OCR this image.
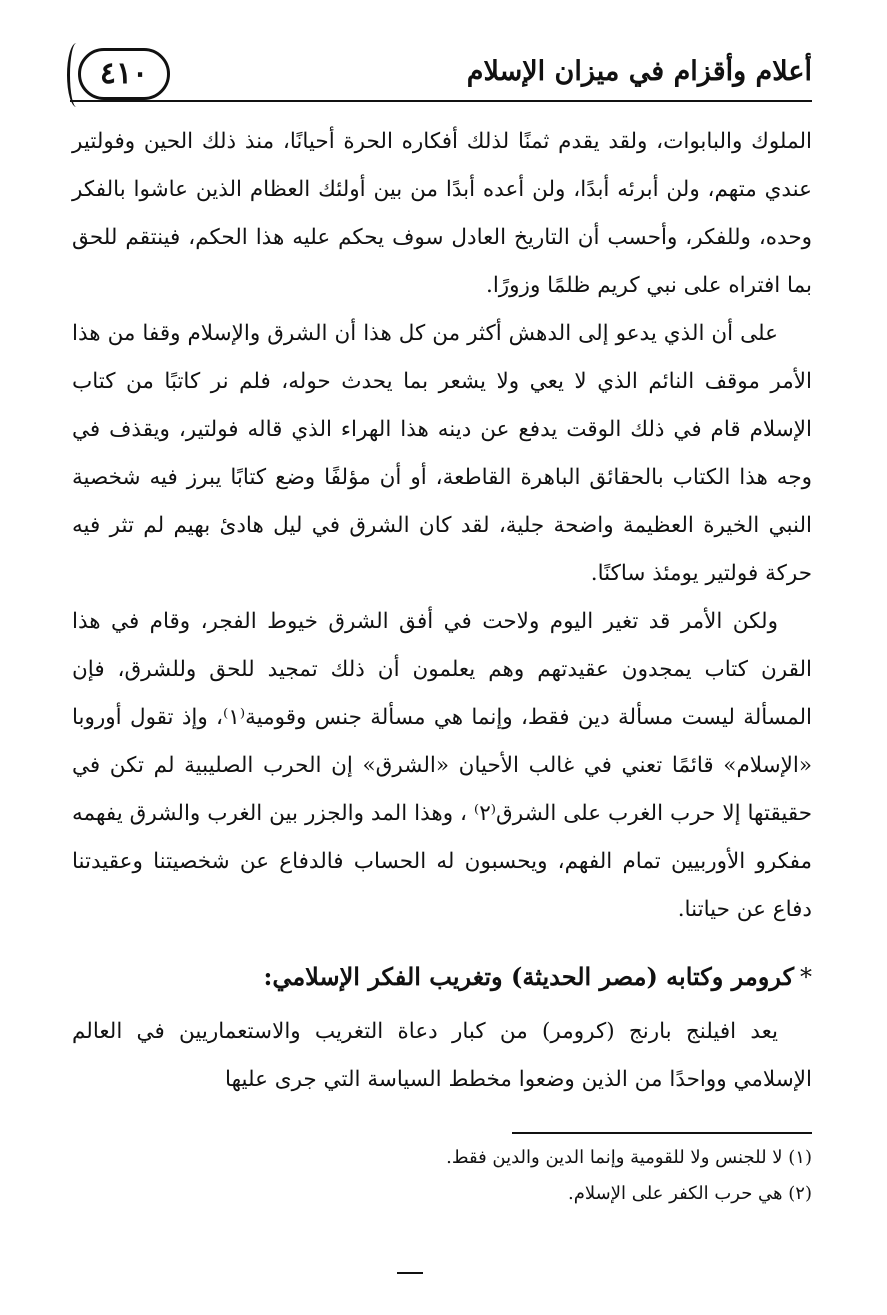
٤١٠	أعلام وأقزام في ميزان الإسلام

الملوك والبابوات، ولقد يقدم ثمنًا لذلك أفكاره الحرة أحيانًا، منذ ذلك الحين وفولتير عندي متهم، ولن أبرئه أبدًا، ولن أعده أبدًا من بين أولئك العظام الذين عاشوا بالفكر وحده، وللفكر، وأحسب أن التاريخ العادل سوف يحكم عليه هذا الحكم، فينتقم للحق بما افتراه على نبي كريم ظلمًا وزورًا.

على أن الذي يدعو إلى الدهش أكثر من كل هذا أن الشرق والإسلام وقفا من هذا الأمر موقف النائم الذي لا يعي ولا يشعر بما يحدث حوله، فلم نر كاتبًا من كتاب الإسلام قام في ذلك الوقت يدفع عن دينه هذا الهراء الذي قاله فولتير، ويقذف في وجه هذا الكتاب بالحقائق الباهرة القاطعة، أو أن مؤلفًا وضع كتابًا يبرز فيه شخصية النبي الخيرة العظيمة واضحة جلية، لقد كان الشرق في ليل هادئ بهيم لم تثر فيه حركة فولتير يومئذ ساكنًا.

ولكن الأمر قد تغير اليوم ولاحت في أفق الشرق خيوط الفجر، وقام في هذا القرن كتاب يمجدون عقيدتهم وهم يعلمون أن ذلك تمجيد للحق وللشرق، فإن المسألة ليست مسألة دين فقط، وإنما هي مسألة جنس وقومية⁽١⁾، وإذ تقول أوروبا «الإسلام» قائمًا تعني في غالب الأحيان «الشرق» إن الحرب الصليبية لم تكن في حقيقتها إلا حرب الغرب على الشرق⁽٢⁾ ، وهذا المد والجزر بين الغرب والشرق يفهمه مفكرو الأوربيين تمام الفهم، ويحسبون له الحساب فالدفاع عن شخصيتنا وعقيدتنا دفاع عن حياتنا.

*كرومر وكتابه (مصر الحديثة) وتغريب الفكر الإسلامي:

يعد افيلنج بارنج (كرومر) من كبار دعاة التغريب والاستعماريين في العالم الإسلامي وواحدًا من الذين وضعوا مخطط السياسة التي جرى عليها

(١) لا للجنس ولا للقومية وإنما الدين والدين فقط.

(٢) هي حرب الكفر على الإسلام.
